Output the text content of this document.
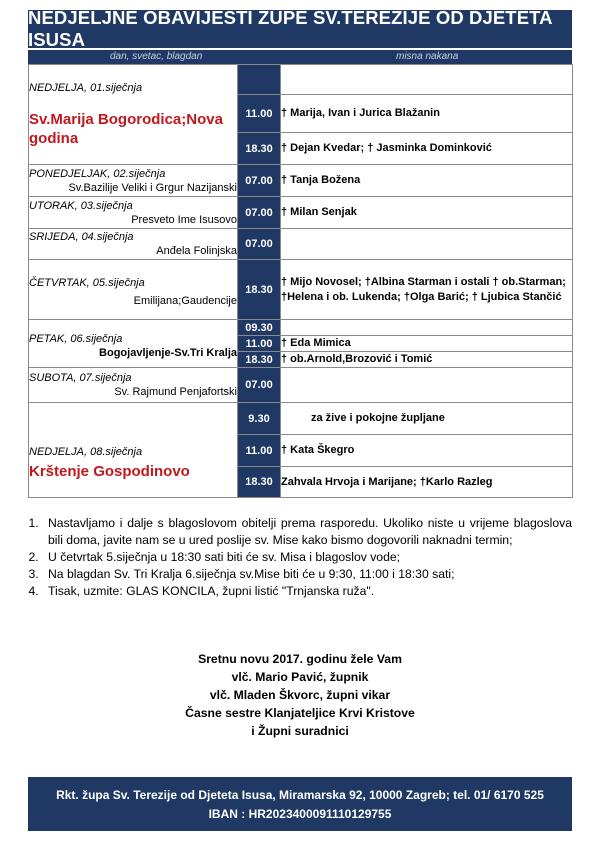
NEDJELJNE OBAVIJESTI ŽUPE SV.TEREZIJE OD DJETETA ISUSA
dan, svetac, blagdan	misna nakana
NEDJELJA, 01.siječnja
Sv.Marija Bogorodica;Nova godina		

	11.00	† Marija, Ivan i Jurica Blažanin
	18.30	† Dejan Kvedar; † Jasminka Dominković

PONEDJELJAK, 02.siječnja
Sv.Bazilije Veliki i Grgur Nazijanski	07.00	† Tanja Božena

UTORAK, 03.siječnja
Presveto Ime Isusovo	07.00	† Milan Senjak

SRIJEDA, 04.siječnja
Anđela Folinjska	07.00	

ČETVRTAK, 05.siječnja
Emilijana;Gaudencije	18.30	† Mijo Novosel; †Albina Starman i ostali † ob.Starman; †Helena i ob. Lukenda; †Olga Barić; † Ljubica Stančić

PETAK, 06.siječnja
Bogojavljenje-Sv.Tri Kralja	09.30	
	11.00	† Eda Mimica
	18.30	† ob.Arnold,Brozović i Tomić

SUBOTA, 07.siječnja
Sv. Rajmund Penjafortski	07.00	

NEDJELJA, 08.siječnja
Krštenje Gospodinovo	9.30	za žive i pokojne župljane
	11.00	† Kata Škegro
	18.30	Zahvala Hrvoja i Marijane; †Karlo Razleg
1. Nastavljamo i dalje s blagoslovom obitelji prema rasporedu. Ukoliko niste u vrijeme blagoslova bili doma, javite nam se u ured poslije sv. Mise kako bismo dogovorili naknadni termin;
2. U četvrtak 5.siječnja u 18:30 sati biti će sv. Misa i blagoslov vode;
3. Na blagdan Sv. Tri Kralja 6.siječnja sv.Mise biti će u 9:30, 11:00 i 18:30 sati;
4. Tisak, uzmite: GLAS KONCILA, župni listić "Trnjanska ruža".
Sretnu novu 2017. godinu žele Vam
vlč. Mario Pavić, župnik
vlč. Mladen Škvorc, župni vikar
Časne sestre Klanjateljice Krvi Kristove
i Župni suradnici
Rkt. župa Sv. Terezije od Djeteta Isusa, Miramarska 92, 10000 Zagreb; tel. 01/ 6170 525
IBAN : HR2023400091110129755
